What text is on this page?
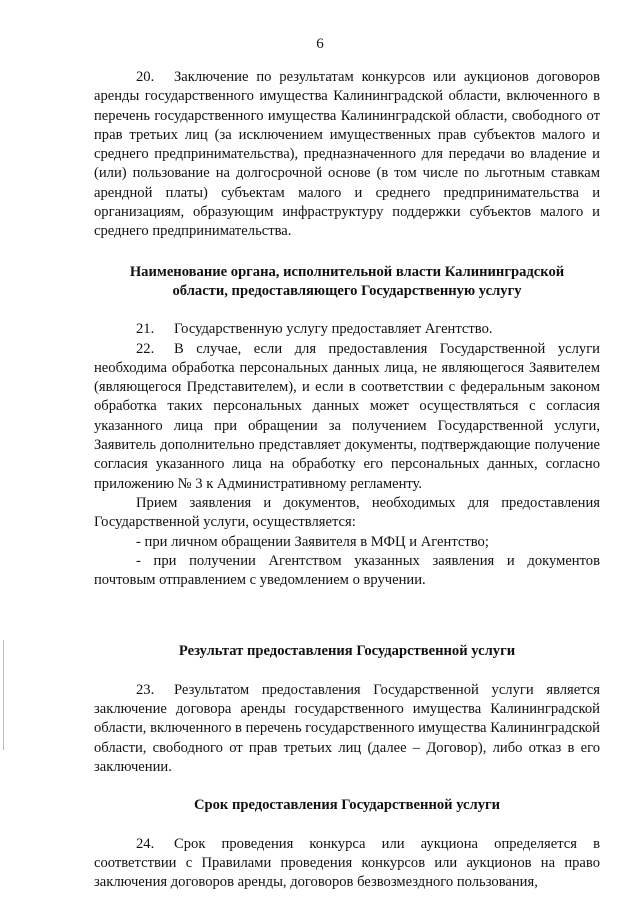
6

20. Заключение по результатам конкурсов или аукционов договоров аренды государственного имущества Калининградской области, включенного в перечень государственного имущества Калининградской области, свободного от прав третьих лиц (за исключением имущественных прав субъектов малого и среднего предпринимательства), предназначенного для передачи во владение и (или) пользование на долгосрочной основе (в том числе по льготным ставкам арендной платы) субъектам малого и среднего предпринимательства и организациям, образующим инфраструктуру поддержки субъектов малого и среднего предпринимательства.

Наименование органа, исполнительной власти Калининградской области, предоставляющего Государственную услугу

21. Государственную услугу предоставляет Агентство.

22. В случае, если для предоставления Государственной услуги необходима обработка персональных данных лица, не являющегося Заявителем (являющегося Представителем), и если в соответствии с федеральным законом обработка таких персональных данных может осуществляться с согласия указанного лица при обращении за получением Государственной услуги, Заявитель дополнительно представляет документы, подтверждающие получение согласия указанного лица на обработку его персональных данных, согласно приложению № 3 к Административному регламенту.

Прием заявления и документов, необходимых для предоставления Государственной услуги, осуществляется:

- при личном обращении Заявителя в МФЦ и Агентство;

- при получении Агентством указанных заявления и документов почтовым отправлением с уведомлением о вручении.

Результат предоставления Государственной услуги

23. Результатом предоставления Государственной услуги является заключение договора аренды государственного имущества Калининградской области, включенного в перечень государственного имущества Калининградской области, свободного от прав третьих лиц (далее – Договор), либо отказ в его заключении.

Срок предоставления Государственной услуги

24. Срок проведения конкурса или аукциона определяется в соответствии с Правилами проведения конкурсов или аукционов на право заключения договоров аренды, договоров безвозмездного пользования,
